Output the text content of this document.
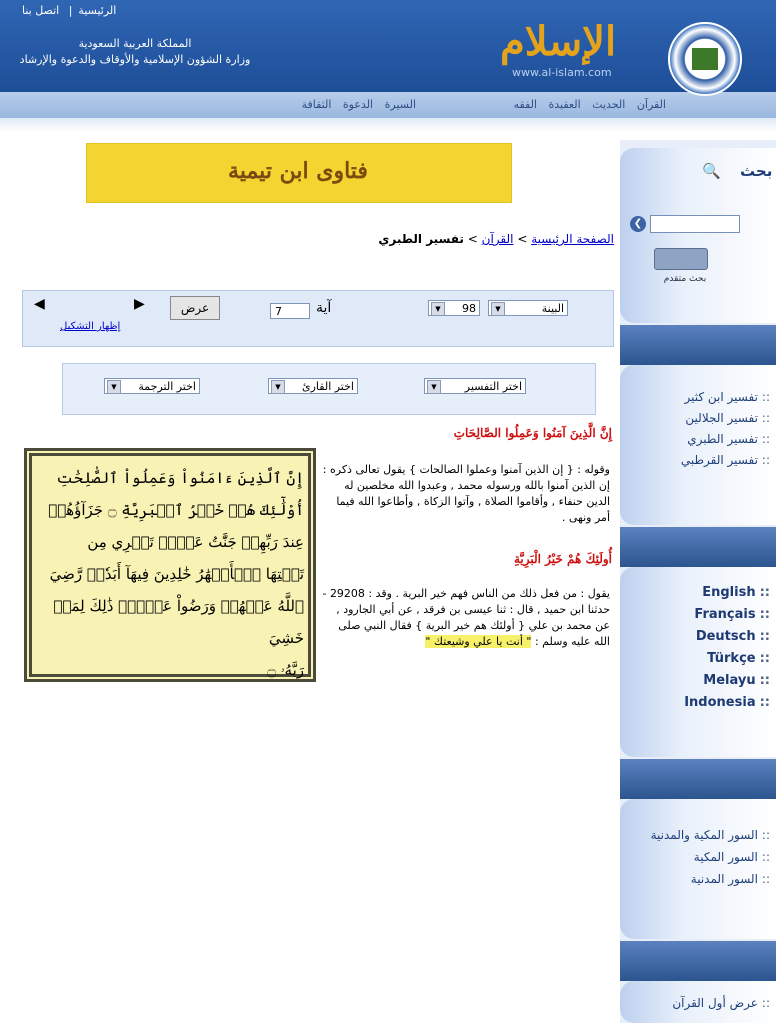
الرئيسية| اتصل بنا
المملكة العربية السعودية
وزارة الشؤون الإسلامية والأوقاف والدعوة والإرشاد	الإسلام
www.al-islam.com
القرآن الحديث العقيدة الفقه
السيرة الدعوة الثقافة
بحث
🔍
❮
بحث متقدم
تفسير ابن كثير ::
تفسير الجلالين ::
تفسير الطبري ::
تفسير القرطبي ::
English ::
Français ::
Deutsch ::
Türkçe ::
Melayu ::
Indonesia ::
السور المكية والمدنية ::
السور المكية ::
السور المدنية ::
عرض أول القرآن ::
فتاوى ابن تيمية
الصفحة الرئيسية > القرآن > تفسير الطبري
البينة
▼
98
▼
آية
7
عرض
▶
◀
إظهار التشكيل
اختر التفسير
▼
اختر القارئ
▼
اختر الترجمة
▼
إِنَّ ٱلَّذِينَ ءَامَنُواْ وَعَمِلُواْ ٱلصَّٰلِحَٰتِ
أُوْلَٰٓئِكَ هُمۡ خَيۡرُ ٱلۡبَرِيَّةِ ۝ جَزَآؤُهُمۡ
عِندَ رَبِّهِمۡ جَنَّٰتُ عَدۡنٖ تَجۡرِي مِن
تَحۡتِهَا ٱلۡأَنۡهَٰرُ خَٰلِدِينَ فِيهَآ أَبَدٗاۖ رَّضِيَ
ٱللَّهُ عَنۡهُمۡ وَرَضُواْ عَنۡهُۚ ذَٰلِكَ لِمَنۡ خَشِيَ
رَبَّهُۥ ۝
إِنَّ الَّذِينَ آمَنُوا وَعَمِلُوا الصَّالِحَاتِ
وقوله : { إن الذين آمنوا وعملوا الصالحات } يقول تعالى ذكره : إن الذين آمنوا بالله ورسوله محمد , وعبدوا الله مخلصين له الدين حنفاء , وأقاموا الصلاة , وآتوا الزكاة , وأطاعوا الله فيما أمر ونهى .
أُولَئِكَ هُمْ خَيْرُ الْبَرِيَّةِ
يقول : من فعل ذلك من الناس فهم خير البرية . وقد : 29208 - حدثنا ابن حميد , قال : ثنا عيسى بن فرقد , عن أبي الجارود , عن محمد بن علي { أولئك هم خير البرية } فقال النبي صلى الله عليه وسلم : " أنت يا علي وشيعتك "
